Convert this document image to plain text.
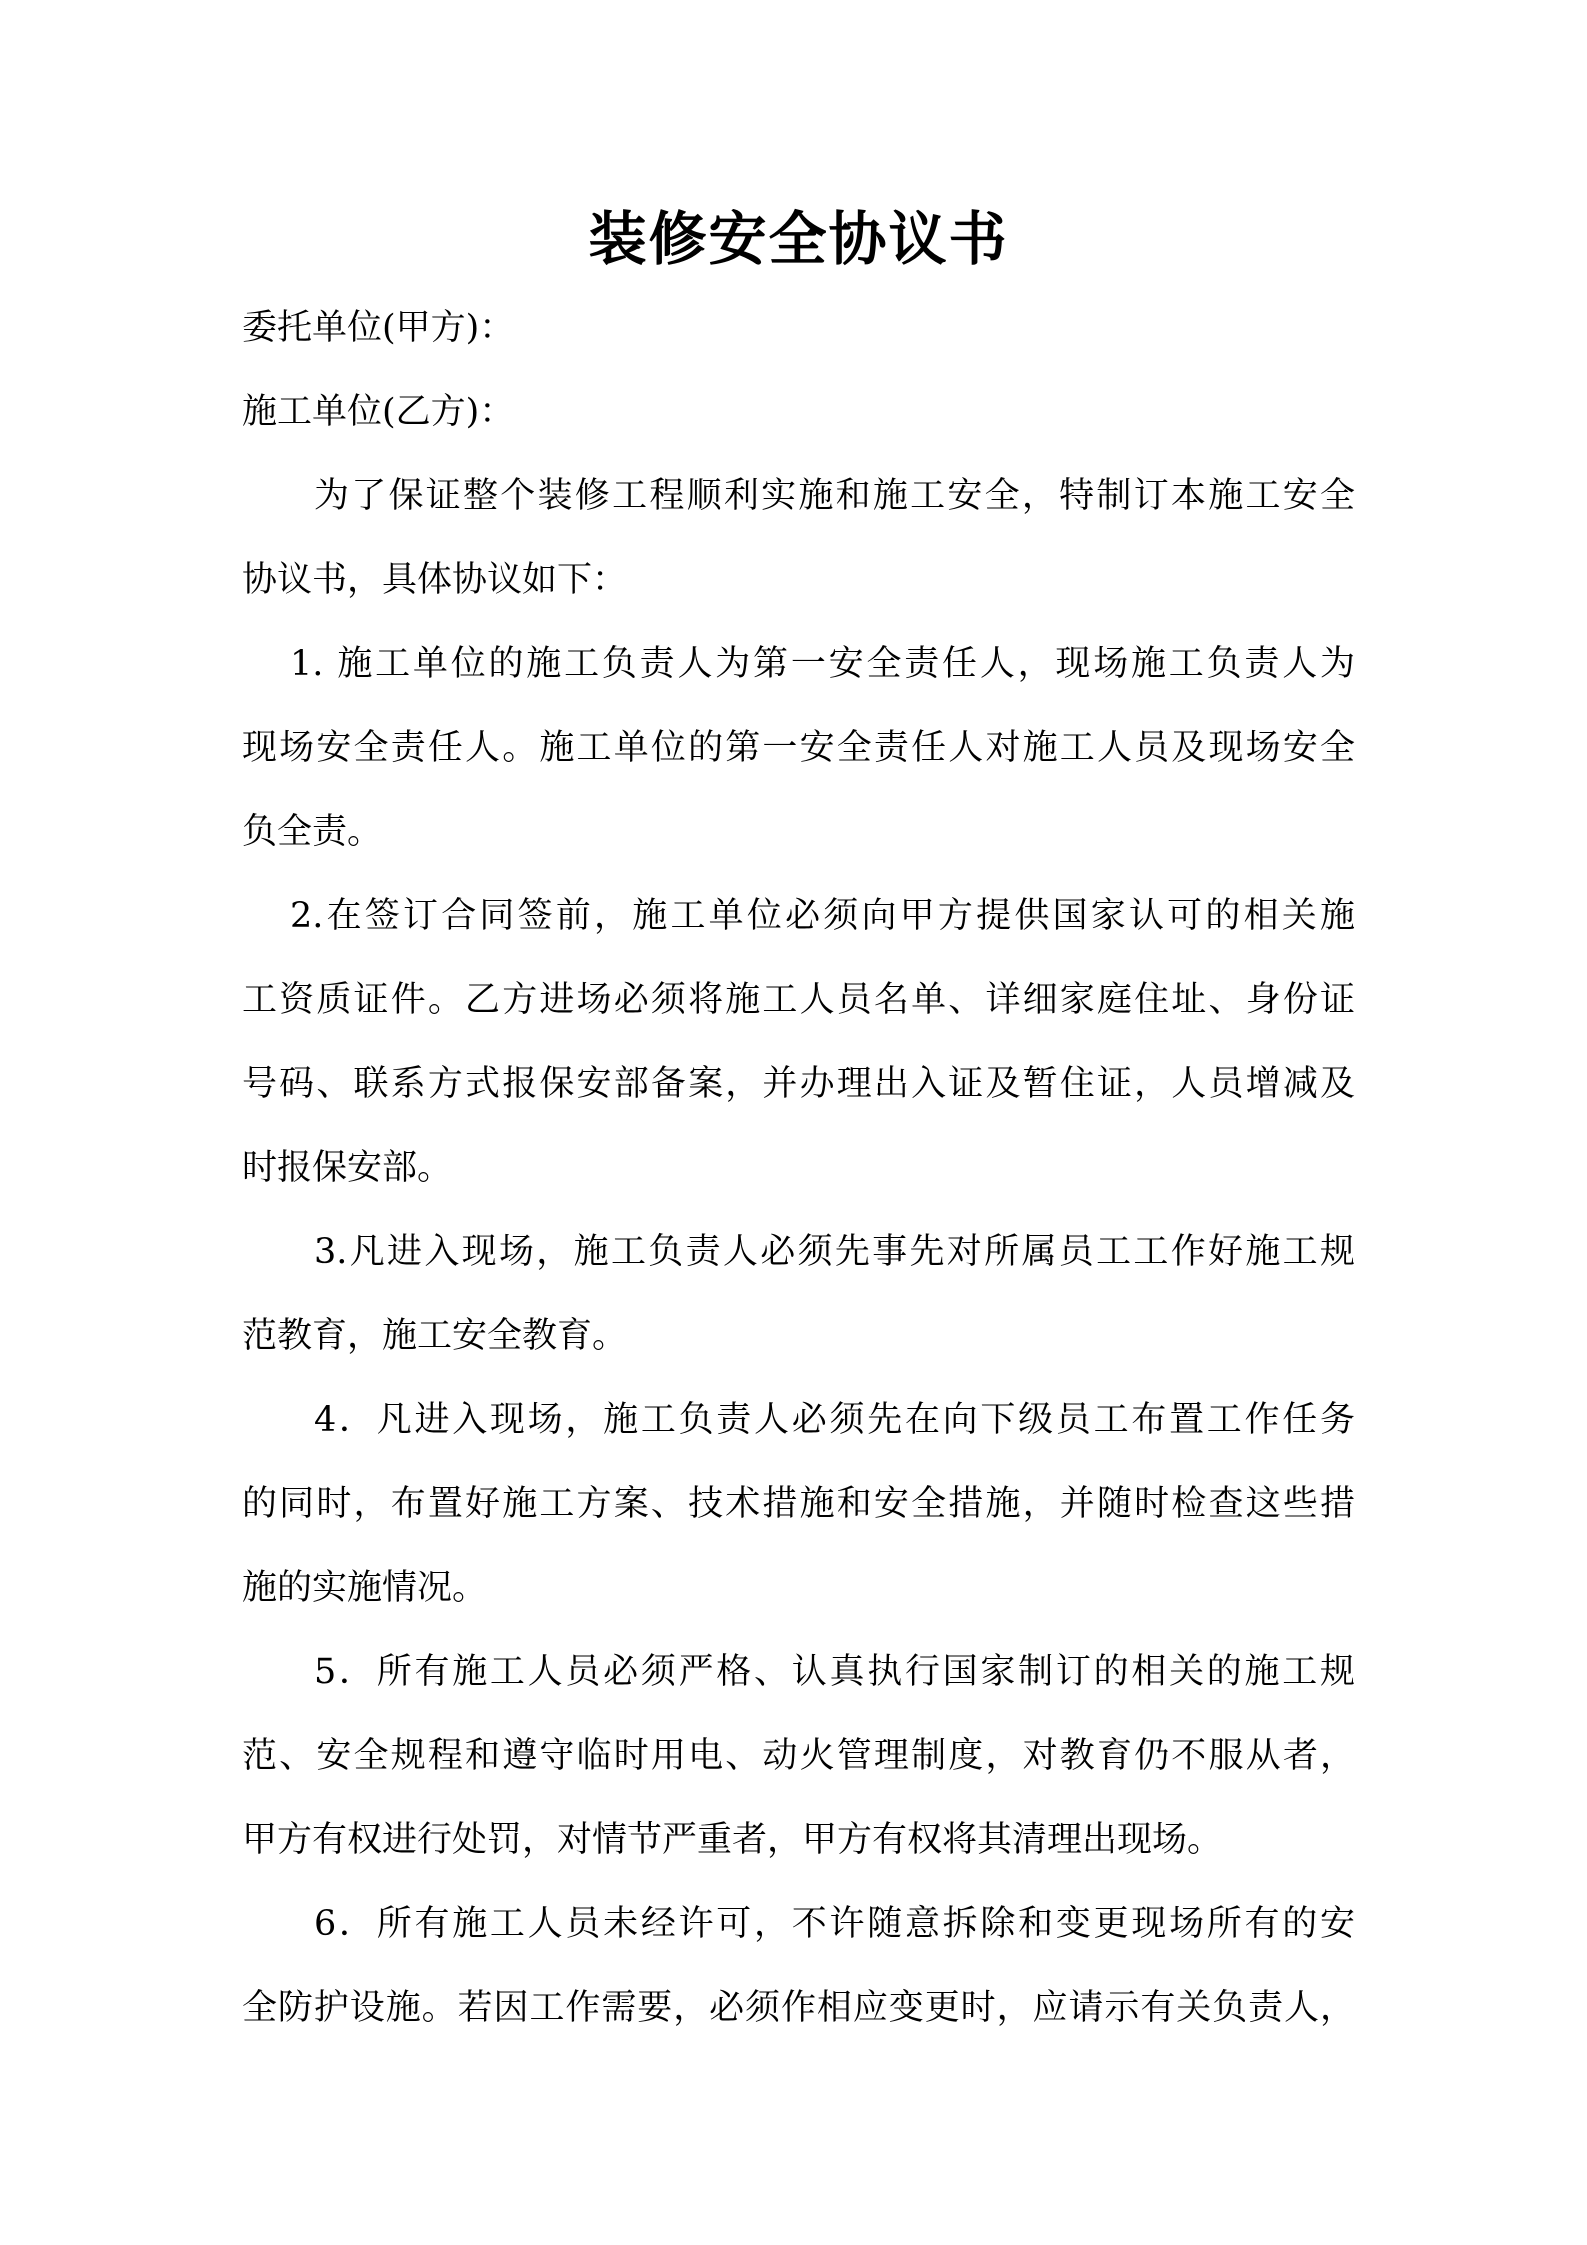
装修安全协议书

委托单位(甲方)：

施工单位(乙方)：

为了保证整个装修工程顺利实施和施工安全，特制订本施工安全

协议书，具体协议如下：

1. 施工单位的施工负责人为第一安全责任人，现场施工负责人为

现场安全责任人。施工单位的第一安全责任人对施工人员及现场安全

负全责。

2.在签订合同签前，施工单位必须向甲方提供国家认可的相关施

工资质证件。乙方进场必须将施工人员名单、详细家庭住址、身份证

号码、联系方式报保安部备案，并办理出入证及暂住证，人员增减及

时报保安部。

3.凡进入现场，施工负责人必须先事先对所属员工工作好施工规

范教育，施工安全教育。

4．凡进入现场，施工负责人必须先在向下级员工布置工作任务

的同时，布置好施工方案、技术措施和安全措施，并随时检查这些措

施的实施情况。

5．所有施工人员必须严格、认真执行国家制订的相关的施工规

范、安全规程和遵守临时用电、动火管理制度，对教育仍不服从者，

甲方有权进行处罚，对情节严重者，甲方有权将其清理出现场。

6．所有施工人员未经许可，不许随意拆除和变更现场所有的安

全防护设施。若因工作需要，必须作相应变更时，应请示有关负责人，
